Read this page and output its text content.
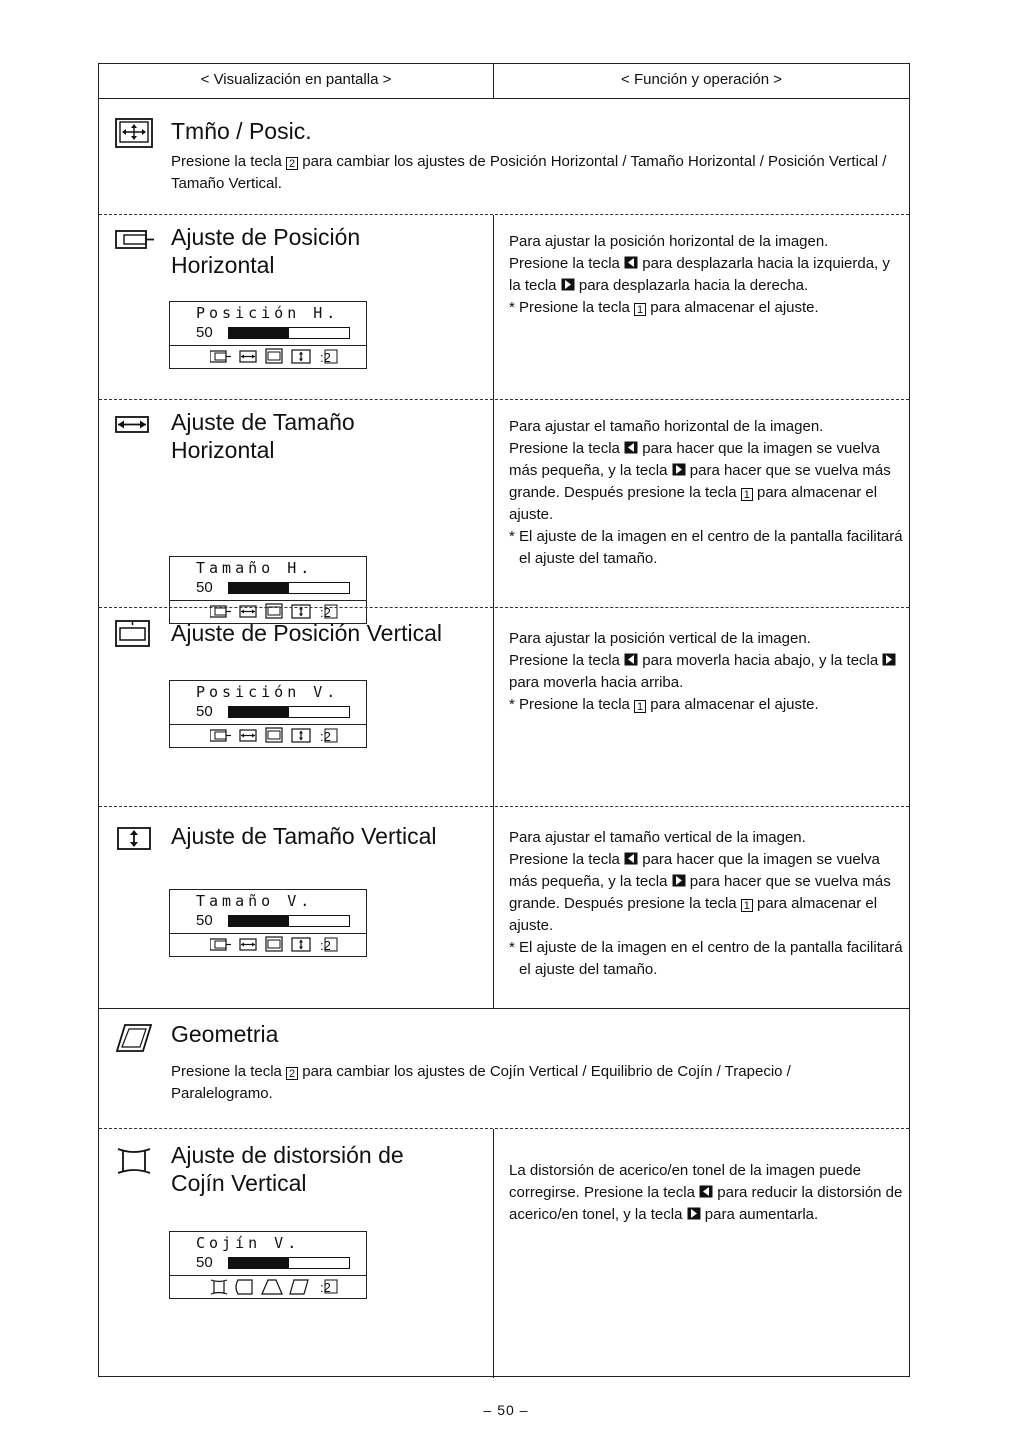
< Visualización en pantalla >	< Función y operación >
Tmño / Posic.
Presione la tecla 2 para cambiar los ajustes de Posición Horizontal / Tamaño Horizontal / Posición Vertical / Tamaño Vertical.
Ajuste de Posición
Horizontal
Posición H.
50
:2

Para ajustar la posición horizontal de la imagen.

Presione la tecla  para desplazarla hacia la izquierda, y la tecla  para desplazarla hacia la derecha.

* Presione la tecla 1 para almacenar el ajuste.

Ajuste de Tamaño
Horizontal
Tamaño H.
50
:2

Para ajustar el tamaño horizontal de la imagen.

Presione la tecla  para hacer que la imagen se vuelva más pequeña, y la tecla  para hacer que se vuelva más grande. Después presione la tecla 1 para almacenar el ajuste.

* El ajuste de la imagen en el centro de la pantalla facilitará el ajuste del tamaño.

Ajuste de Posición Vertical
Posición V.
50
:2

Para ajustar la posición vertical de la imagen.

Presione la tecla  para moverla hacia abajo, y la tecla  para moverla hacia arriba.

* Presione la tecla 1 para almacenar el ajuste.

Ajuste de Tamaño Vertical
Tamaño V.
50
:2

Para ajustar el tamaño vertical de la imagen.

Presione la tecla  para hacer que la imagen se vuelva más pequeña, y la tecla  para hacer que se vuelva más grande. Después presione la tecla 1 para almacenar el ajuste.

* El ajuste de la imagen en el centro de la pantalla facilitará el ajuste del tamaño.

Geometria
Presione la tecla 2 para cambiar los ajustes de Cojín Vertical / Equilibrio de Cojín / Trapecio / Paralelogramo.
Ajuste de distorsión de
Cojín Vertical
Cojín V.
50
:2

La distorsión de acerico/en tonel de la imagen puede corregirse. Presione la tecla  para reducir la distorsión de acerico/en tonel, y la tecla  para aumentarla.

– 50 –
